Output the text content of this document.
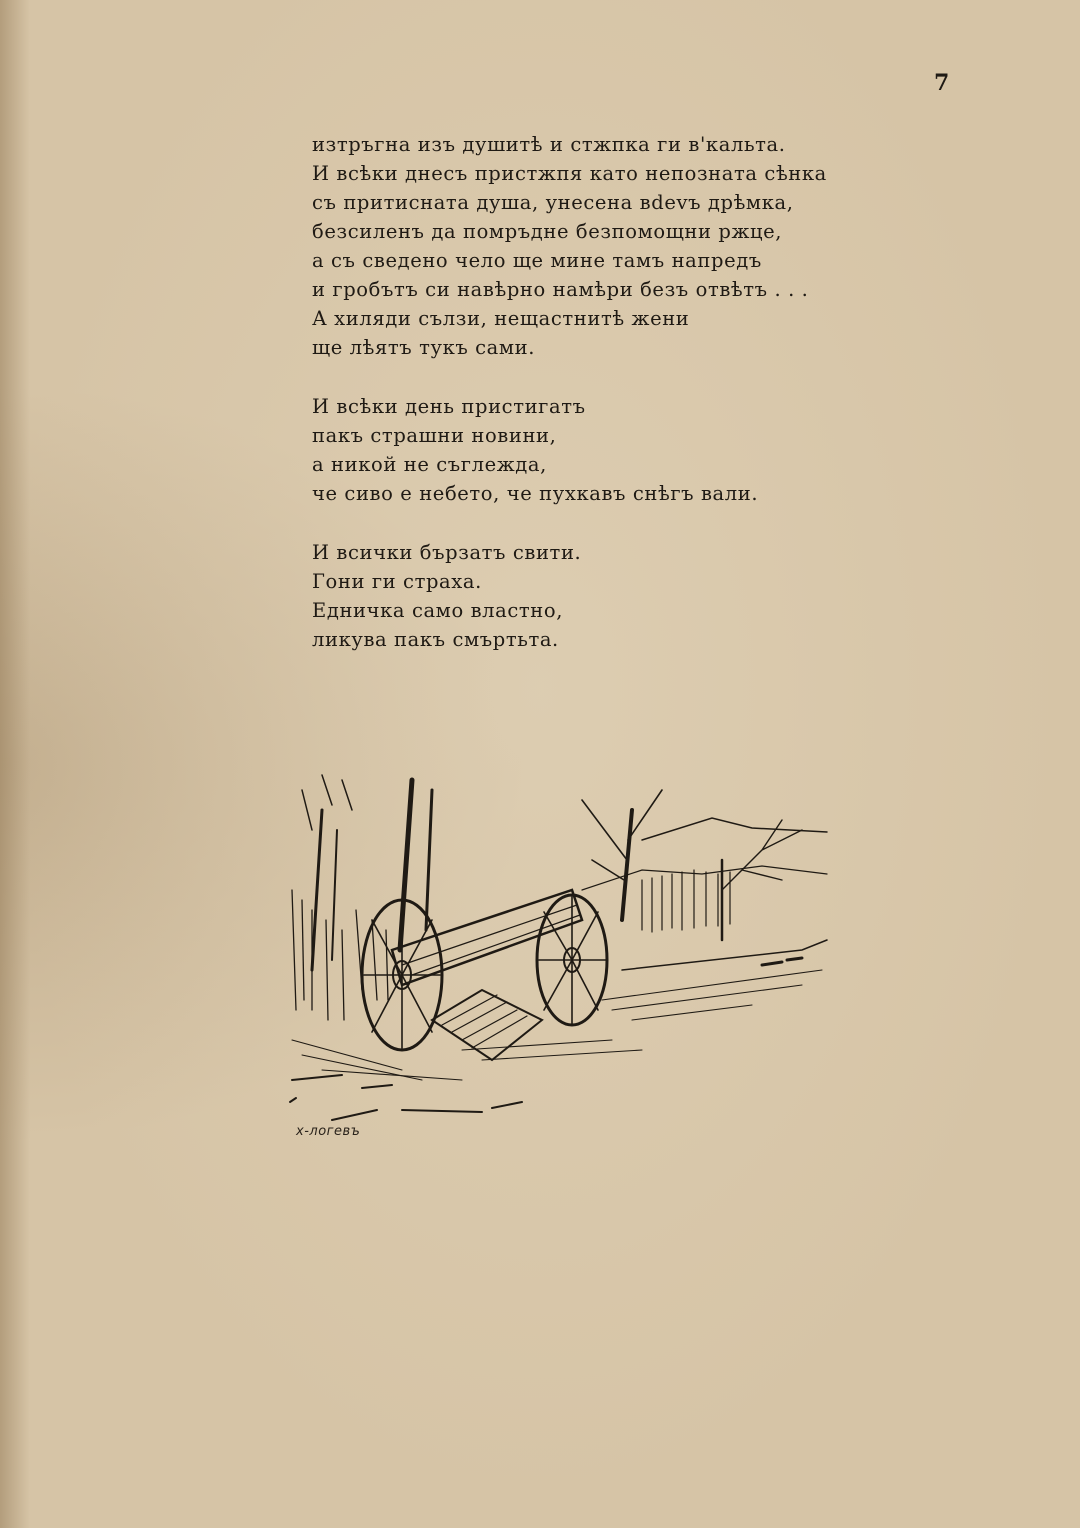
7
изтръгна изъ душитѣ и стжпка ги в'кальта.
И всѣки днесъ пристжпя като непозната сѣнка
съ притисната душа, унесена вdevъ дрѣмка,
безсиленъ да помръдне безпомощни ржце,
а съ сведено чело ще мине тамъ напредъ
и гробътъ си навѣрно намѣри безъ отвѣтъ . . .
А хиляди сълзи, нещастнитѣ жени
ще лѣятъ тукъ сами.
И всѣки день пристигатъ
пакъ страшни новини,
а никой не съглежда,
че сиво е небето, че пухкавъ снѣгъ вали.
И всички бързатъ свити.
Гони ги страха.
Едничка само властно,
ликува пакъ смъртьта.
х-логевъ
